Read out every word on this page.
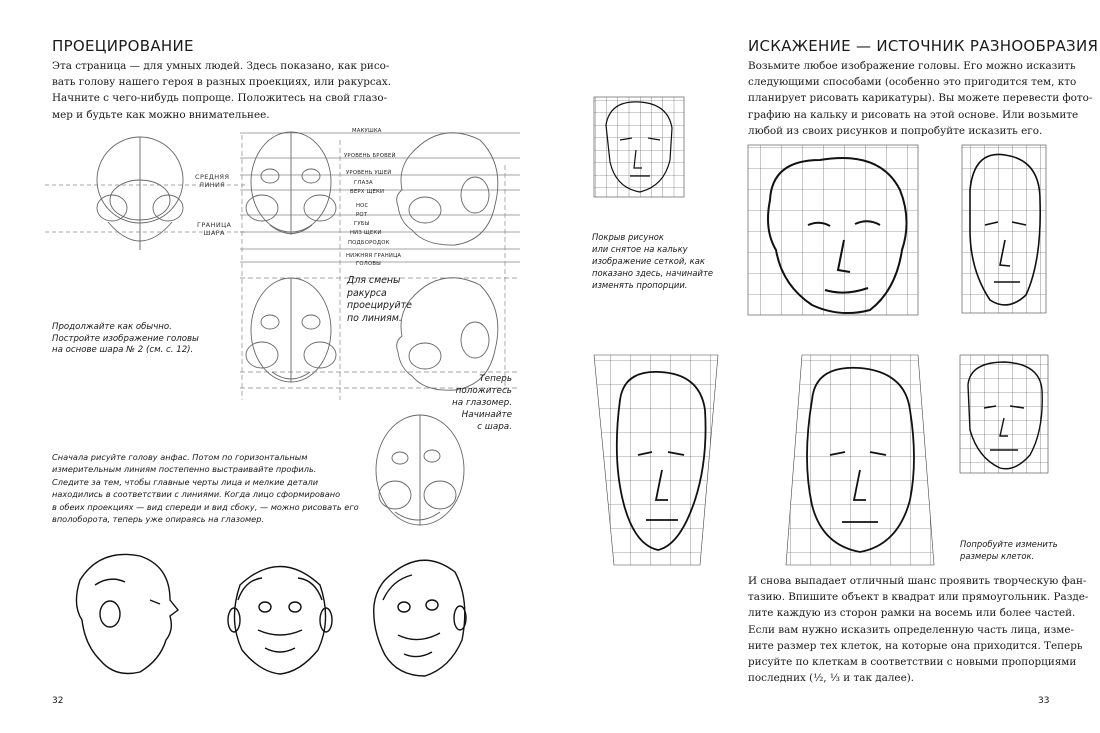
ПРОЕЦИРОВАНИЕ
Эта страница — для умных людей. Здесь показано, как рисо-
вать голову нашего героя в разных проекциях, или ракурсах.
Начните с чего-нибудь попроще. Положитесь на свой глазо-
мер и будьте как можно внимательнее.
СРЕДНЯЯ
ЛИНИЯ
ГРАНИЦА
ШАРА
МАКУШКА
УРОВЕНЬ БРОВЕЙ
УРОВЕНЬ УШЕЙ
ГЛАЗА
ВЕРХ ЩЕКИ
НОС
РОТ
ГУБЫ
НИЗ ЩЕКИ
ПОДБОРОДОК
НИЖНЯЯ ГРАНИЦА
ГОЛОВЫ
Для смены
ракурса
проецируйте
по линиям.
Продолжайте как обычно.
Постройте изображение головы
на основе шара № 2 (см. с. 12).
Теперь
положитесь
на глазомер.
Начинайте
с шара.
Сначала рисуйте голову анфас. Потом по горизонтальным
измерительным линиям постепенно выстраивайте профиль.
Следите за тем, чтобы главные черты лица и мелкие детали
находились в соответствии с линиями. Когда лицо сформировано
в обеих проекциях — вид спереди и вид сбоку, — можно рисовать его
вполоборота, теперь уже опираясь на глазомер.
32
ИСКАЖЕНИЕ — ИСТОЧНИК РАЗНООБРАЗИЯ
Возьмите любое изображение головы. Его можно исказить
следующими способами (особенно это пригодится тем, кто
планирует рисовать карикатуры). Вы можете перевести фото-
графию на кальку и рисовать на этой основе. Или возьмите
любой из своих рисунков и попробуйте исказить его.
Покрыв рисунок
или снятое на кальку
изображение сеткой, как
показано здесь, начинайте
изменять пропорции.
Попробуйте изменить
размеры клеток.
И снова выпадает отличный шанс проявить творческую фан-
тазию. Впишите объект в квадрат или прямоугольник. Разде-
лите каждую из сторон рамки на восемь или более частей.
Если вам нужно исказить определенную часть лица, изме-
ните размер тех клеток, на которые она приходится. Теперь
рисуйте по клеткам в соответствии с новыми пропорциями
последних (½, ⅓ и так далее).
33
